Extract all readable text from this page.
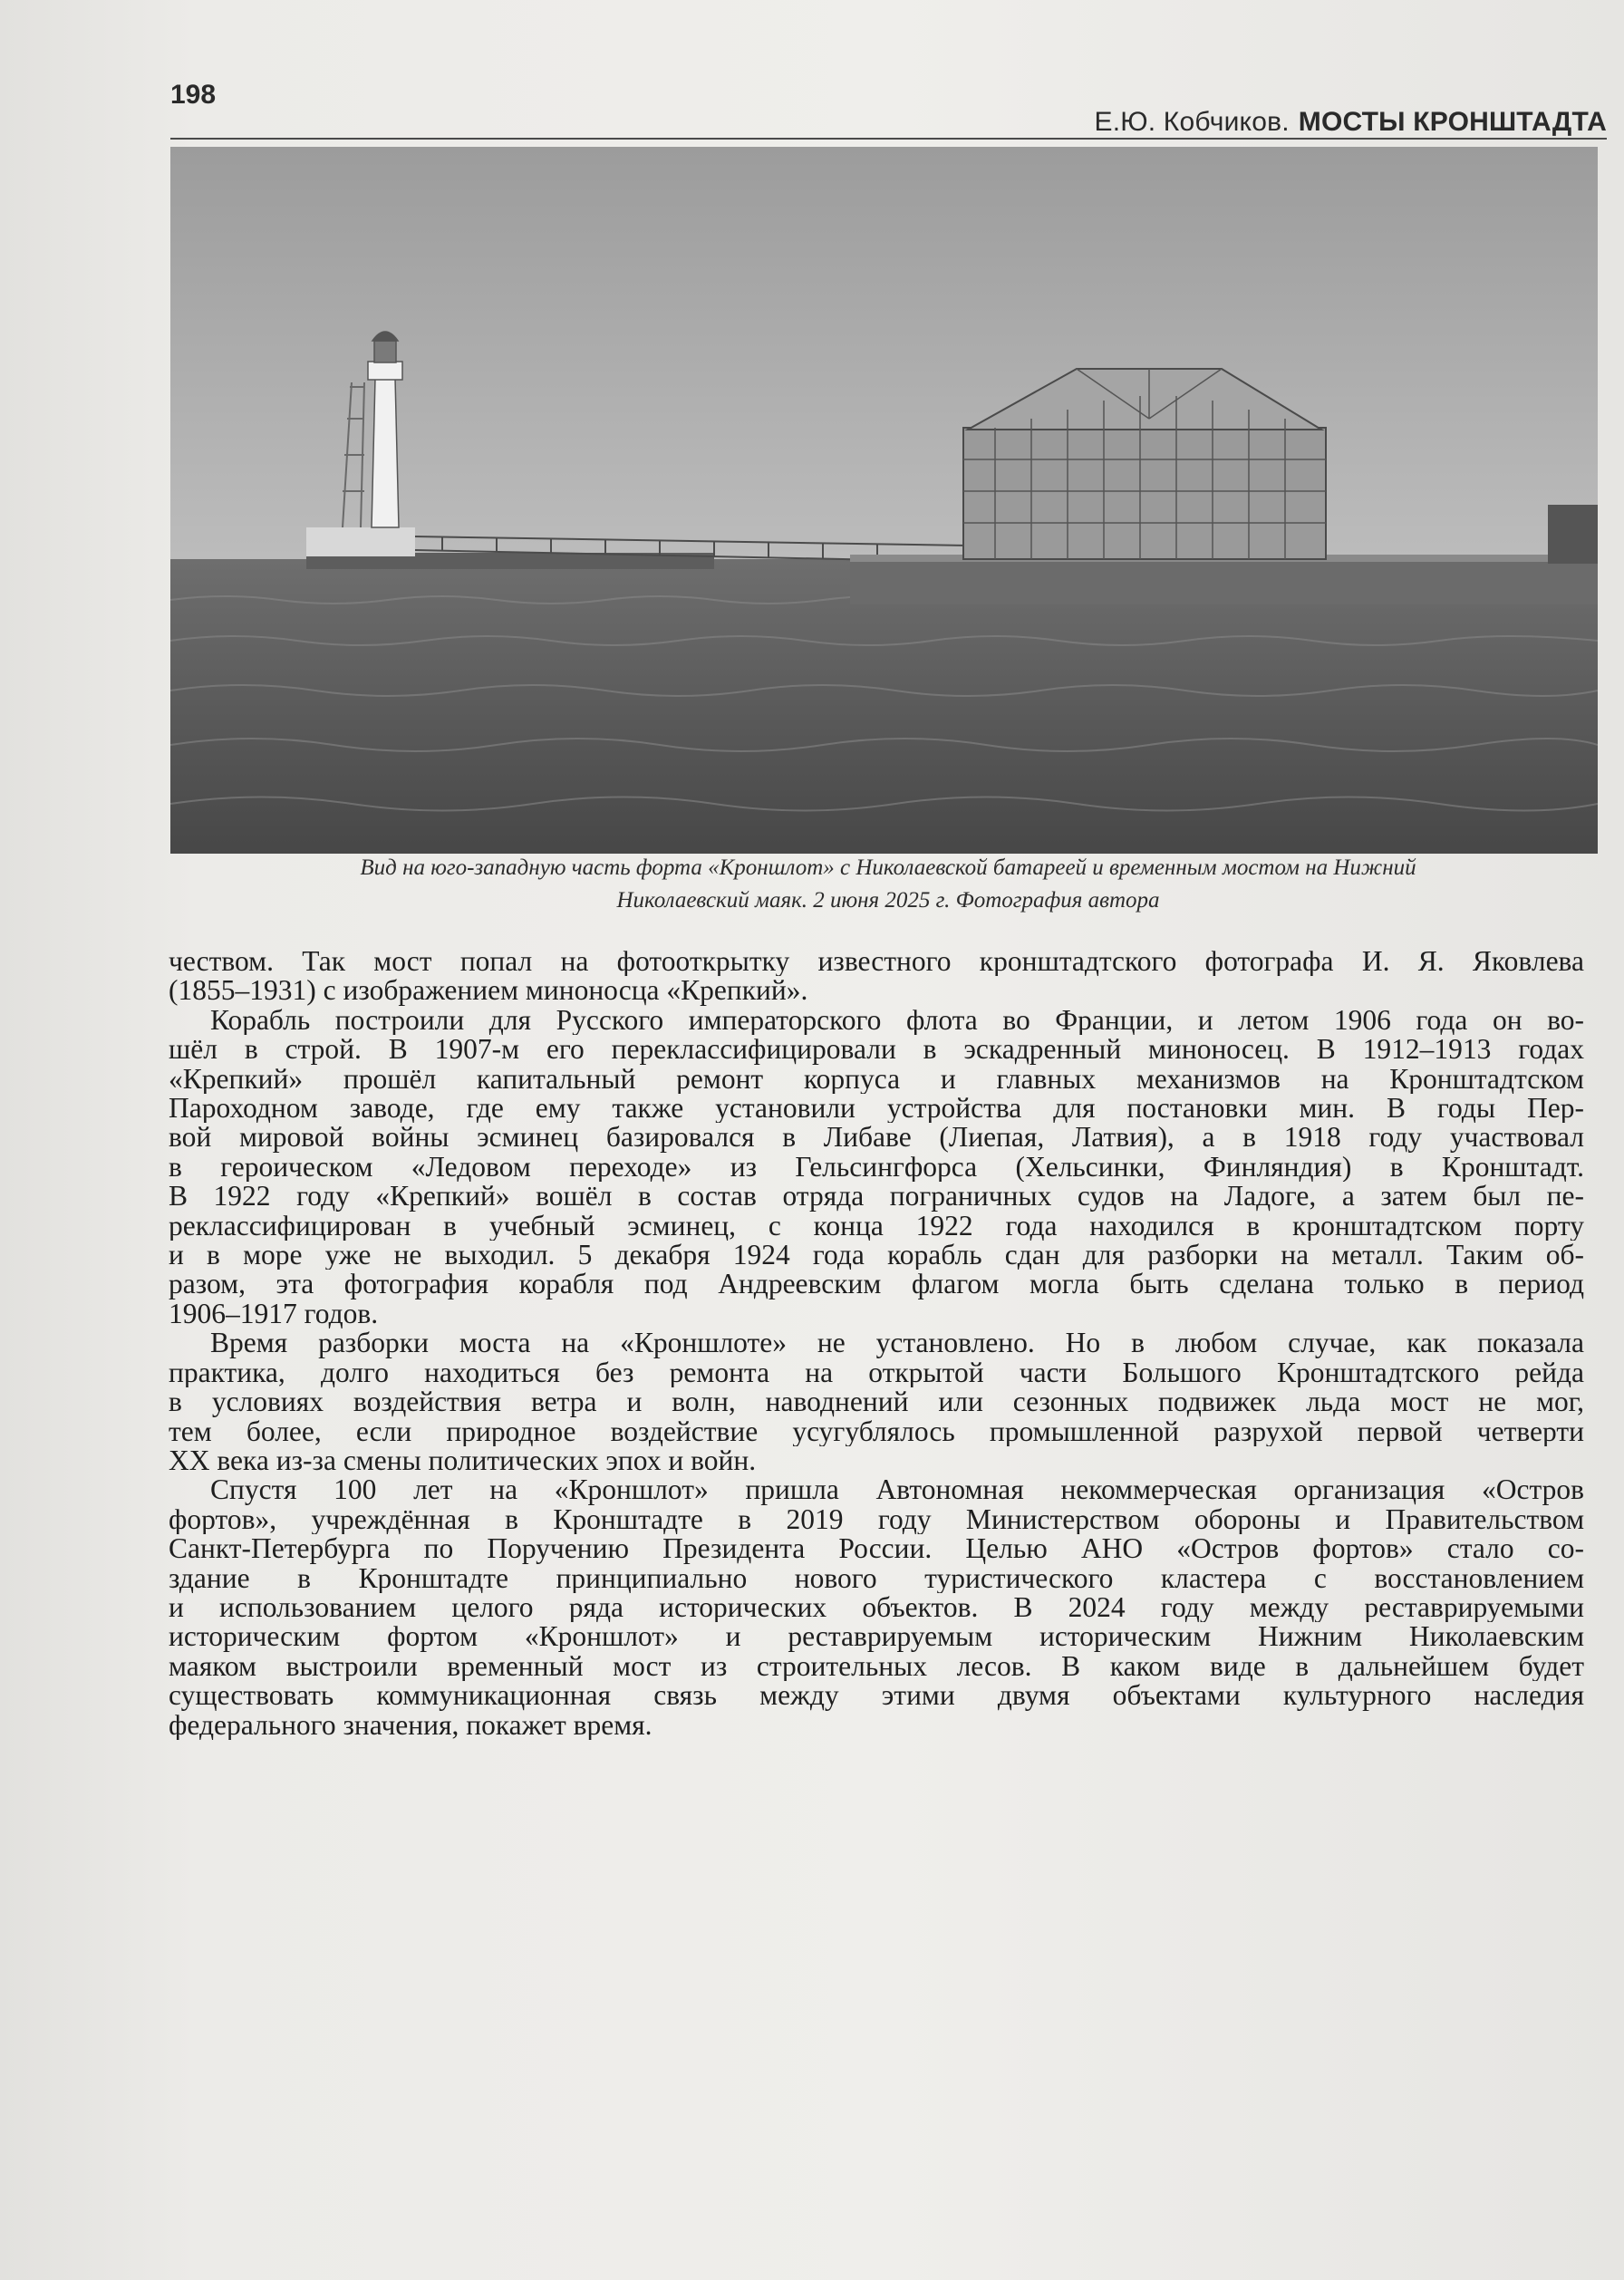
198
Е.Ю. Кобчиков. МОСТЫ КРОНШТАДТА

Вид на юго-западную часть форта «Кроншлот» с Николаевской батареей и временным мостом на Нижний

Николаевский маяк. 2 июня 2025 г. Фотография автора

чеством. Так мост попал на фотооткрытку известного кронштадтского фотографа И. Я. Яковлева
(1855–1931) с изображением миноносца «Крепкий».
Корабль построили для Русского императорского флота во Франции, и летом 1906 года он во-
шёл в строй. В 1907-м его переклассифицировали в эскадренный миноносец. В 1912–1913 годах
«Крепкий» прошёл капитальный ремонт корпуса и главных механизмов на Кронштадтском
Пароходном заводе, где ему также установили устройства для постановки мин. В годы Пер-
вой мировой войны эсминец базировался в Либаве (Лиепая, Латвия), а в 1918 году участвовал
в героическом «Ледовом переходе» из Гельсингфорса (Хельсинки, Финляндия) в Кронштадт.
В 1922 году «Крепкий» вошёл в состав отряда пограничных судов на Ладоге, а затем был пе-
реклассифицирован в учебный эсминец, с конца 1922 года находился в кронштадтском порту
и в море уже не выходил. 5 декабря 1924 года корабль сдан для разборки на металл. Таким об-
разом, эта фотография корабля под Андреевским флагом могла быть сделана только в период
1906–1917 годов.
Время разборки моста на «Кроншлоте» не установлено. Но в любом случае, как показала
практика, долго находиться без ремонта на открытой части Большого Кронштадтского рейда
в условиях воздействия ветра и волн, наводнений или сезонных подвижек льда мост не мог,
тем более, если природное воздействие усугублялось промышленной разрухой первой четверти
XX века из-за смены политических эпох и войн.
Спустя 100 лет на «Кроншлот» пришла Автономная некоммерческая организация «Остров
фортов», учреждённая в Кронштадте в 2019 году Министерством обороны и Правительством
Санкт-Петербурга по Поручению Президента России. Целью АНО «Остров фортов» стало со-
здание в Кронштадте принципиально нового туристического кластера с восстановлением
и использованием целого ряда исторических объектов. В 2024 году между реставрируемыми
историческим фортом «Кроншлот» и реставрируемым историческим Нижним Николаевским
маяком выстроили временный мост из строительных лесов. В каком виде в дальнейшем будет
существовать коммуникационная связь между этими двумя объектами культурного наследия
федерального значения, покажет время.
